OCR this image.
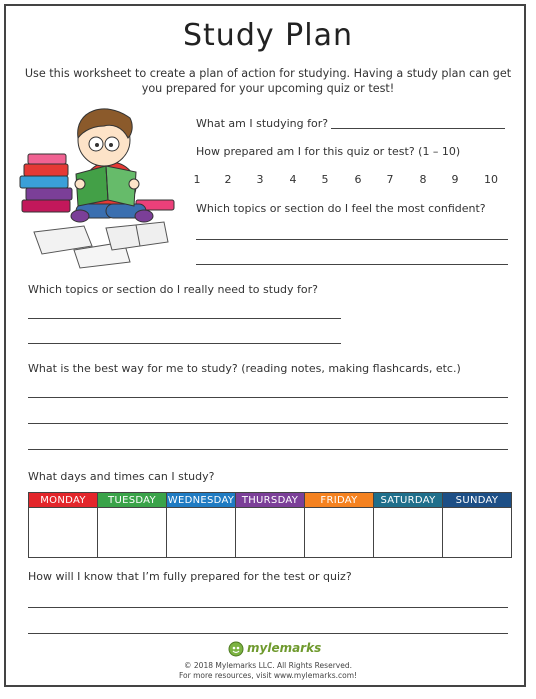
Study Plan
Use this worksheet to create a plan of action for studying. Having a study plan can get you prepared for your upcoming quiz or test!
What am I studying for?
How prepared am I for this quiz or test? (1 – 10)
1	2	3	4	5	6	7	8	9	10
Which topics or section do I feel the most confident?
Which topics or section do I really need to study for?
What is the best way for me to study? (reading notes, making flashcards, etc.)
What days and times can I study?
MONDAY	TUESDAY	WEDNESDAY	THURSDAY	FRIDAY	SATURDAY	SUNDAY

How will I know that I’m fully prepared for the test or quiz?
mylemarks
© 2018 Mylemarks LLC. All Rights Reserved.
For more resources, visit www.mylemarks.com!
